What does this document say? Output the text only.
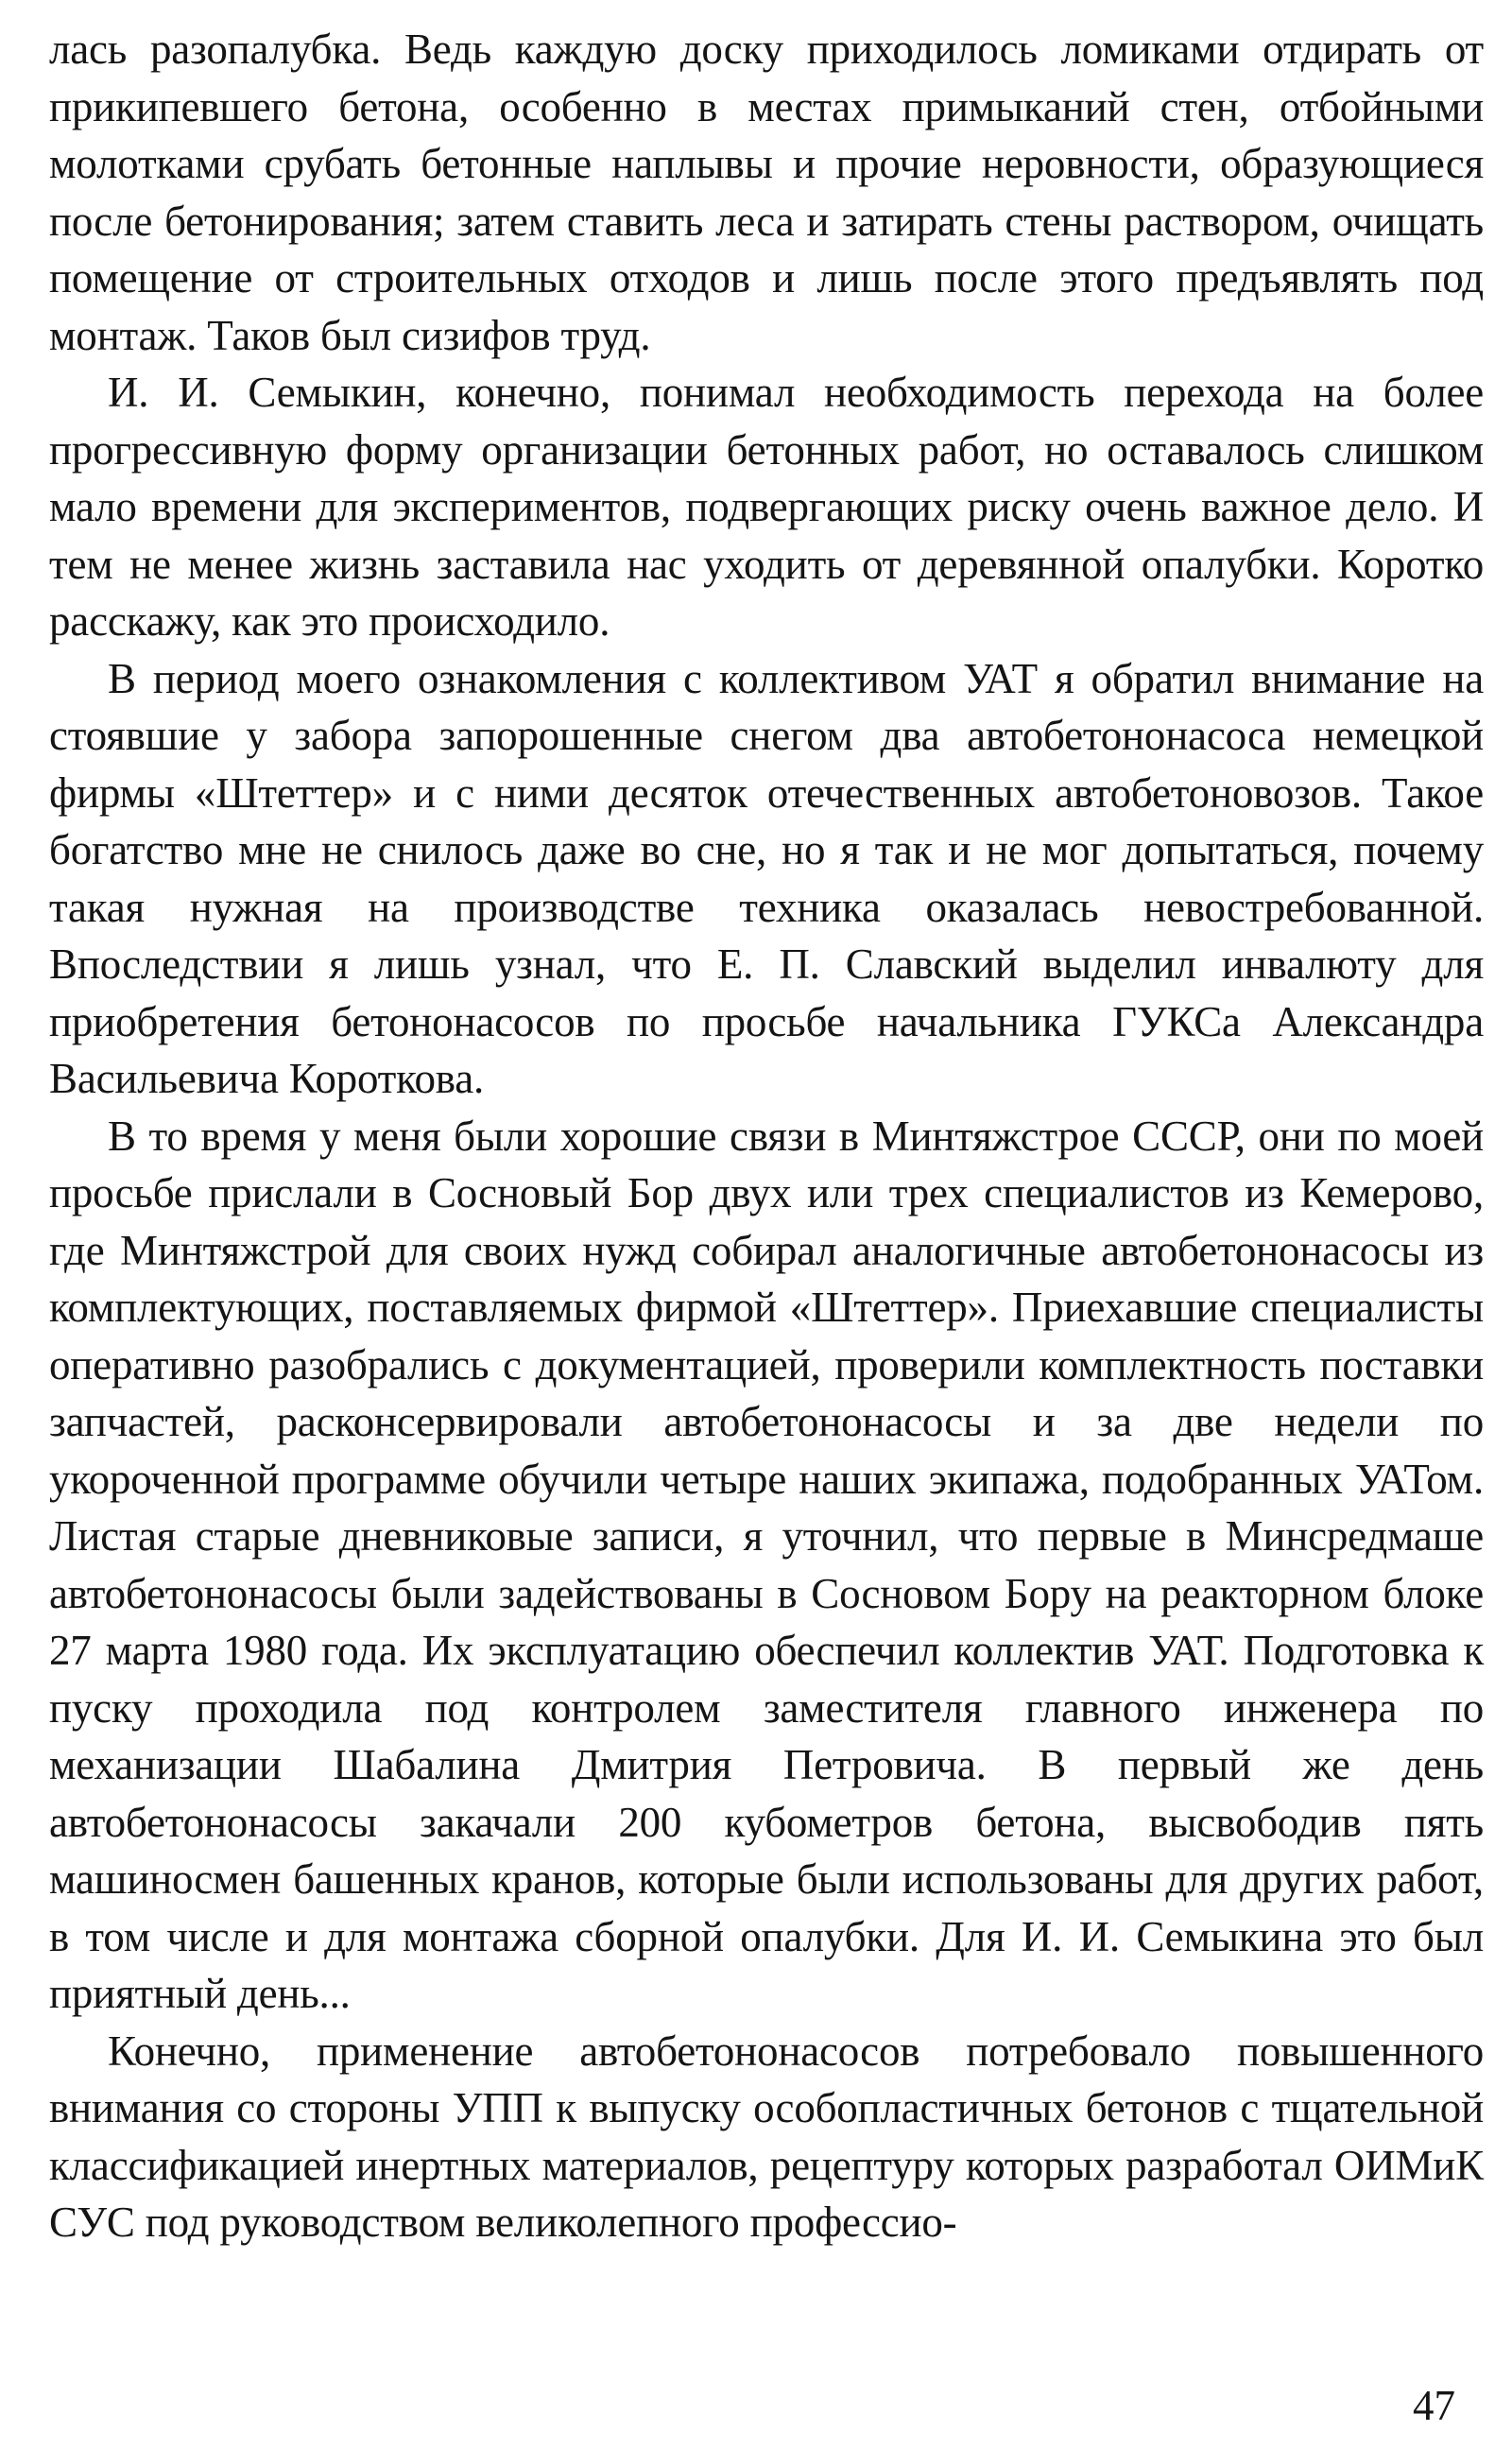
лась разопалубка. Ведь каждую доску приходилось ломиками отдирать от прикипевшего бетона, особенно в местах примыканий стен, отбойными молотками срубать бетонные наплывы и прочие неровности, образующиеся после бетонирования; затем ставить леса и затирать стены раствором, очищать помещение от строительных отходов и лишь после этого предъявлять под монтаж. Таков был сизифов труд.

И. И. Семыкин, конечно, понимал необходимость перехода на более прогрессивную форму организации бетонных работ, но оставалось слишком мало времени для экспериментов, подвергающих риску очень важное дело. И тем не менее жизнь заставила нас уходить от деревянной опалубки. Коротко расскажу, как это происходило.

В период моего ознакомления с коллективом УАТ я обратил внимание на стоявшие у забора запорошенные снегом два автобетононасоса немецкой фирмы «Штеттер» и с ними десяток отечественных автобетоновозов. Такое богатство мне не снилось даже во сне, но я так и не мог допытаться, почему такая нужная на производстве техника оказалась невостребованной. Впоследствии я лишь узнал, что Е. П. Славский выделил инвалюту для приобретения бетононасосов по просьбе начальника ГУКСа Александра Васильевича Короткова.

В то время у меня были хорошие связи в Минтяжстрое СССР, они по моей просьбе прислали в Сосновый Бор двух или трех специалистов из Кемерово, где Минтяжстрой для своих нужд собирал аналогичные автобетононасосы из комплектующих, поставляемых фирмой «Штеттер». Приехавшие специалисты оперативно разобрались с документацией, проверили комплектность поставки запчастей, расконсервировали автобетононасосы и за две недели по укороченной программе обучили четыре наших экипажа, подобранных УАТом. Листая старые дневниковые записи, я уточнил, что первые в Минсредмаше автобетононасосы были задействованы в Сосновом Бору на реакторном блоке 27 марта 1980 года. Их эксплуатацию обеспечил коллектив УАТ. Подготовка к пуску проходила под контролем заместителя главного инженера по механизации Шабалина Дмитрия Петровича. В первый же день автобетононасосы закачали 200 кубометров бетона, высвободив пять машиносмен башенных кранов, которые были использованы для других работ, в том числе и для монтажа сборной опалубки. Для И. И. Семыкина это был приятный день...

Конечно, применение автобетононасосов потребовало повышенного внимания со стороны УПП к выпуску особопластичных бетонов с тщательной классификацией инертных материалов, рецептуру которых разработал ОИМиК СУС под руководством великолепного профессио-

47
